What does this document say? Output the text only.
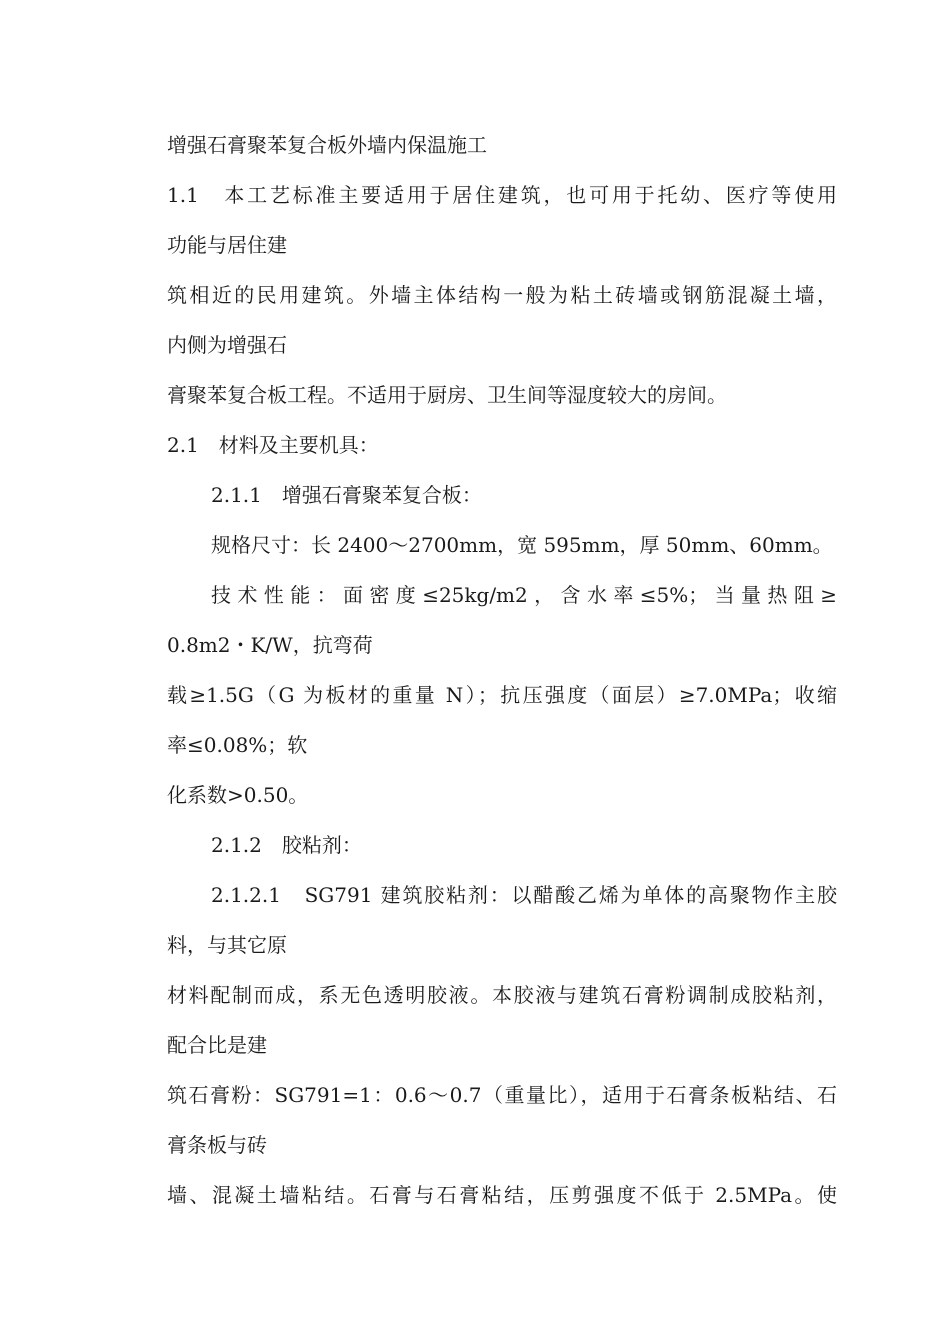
增强石膏聚苯复合板外墙内保温施工
1.1　本工艺标准主要适用于居住建筑，也可用于托幼、医疗等使用
功能与居住建
筑相近的民用建筑。外墙主体结构一般为粘土砖墙或钢筋混凝土墙，
内侧为增强石
膏聚苯复合板工程。不适用于厨房、卫生间等湿度较大的房间。
2.1　材料及主要机具：
2.1.1　增强石膏聚苯复合板：
规格尺寸：长 2400～2700mm，宽 595mm，厚 50mm、60mm。
技术性能：面密度≤25kg/m2，含水率≤5%；当量热阻≥
0.8m2・K/W，抗弯荷
载≥1.5G（G 为板材的重量 N）；抗压强度（面层）≥7.0MPa；收缩
率≤0.08%；软
化系数>0.50。
2.1.2　胶粘剂：
2.1.2.1　SG791 建筑胶粘剂：以醋酸乙烯为单体的高聚物作主胶
料，与其它原
材料配制而成，系无色透明胶液。本胶液与建筑石膏粉调制成胶粘剂，
配合比是建
筑石膏粉：SG791=1：0.6～0.7（重量比），适用于石膏条板粘结、石
膏条板与砖
墙、混凝土墙粘结。石膏与石膏粘结，压剪强度不低于 2.5MPa。使
